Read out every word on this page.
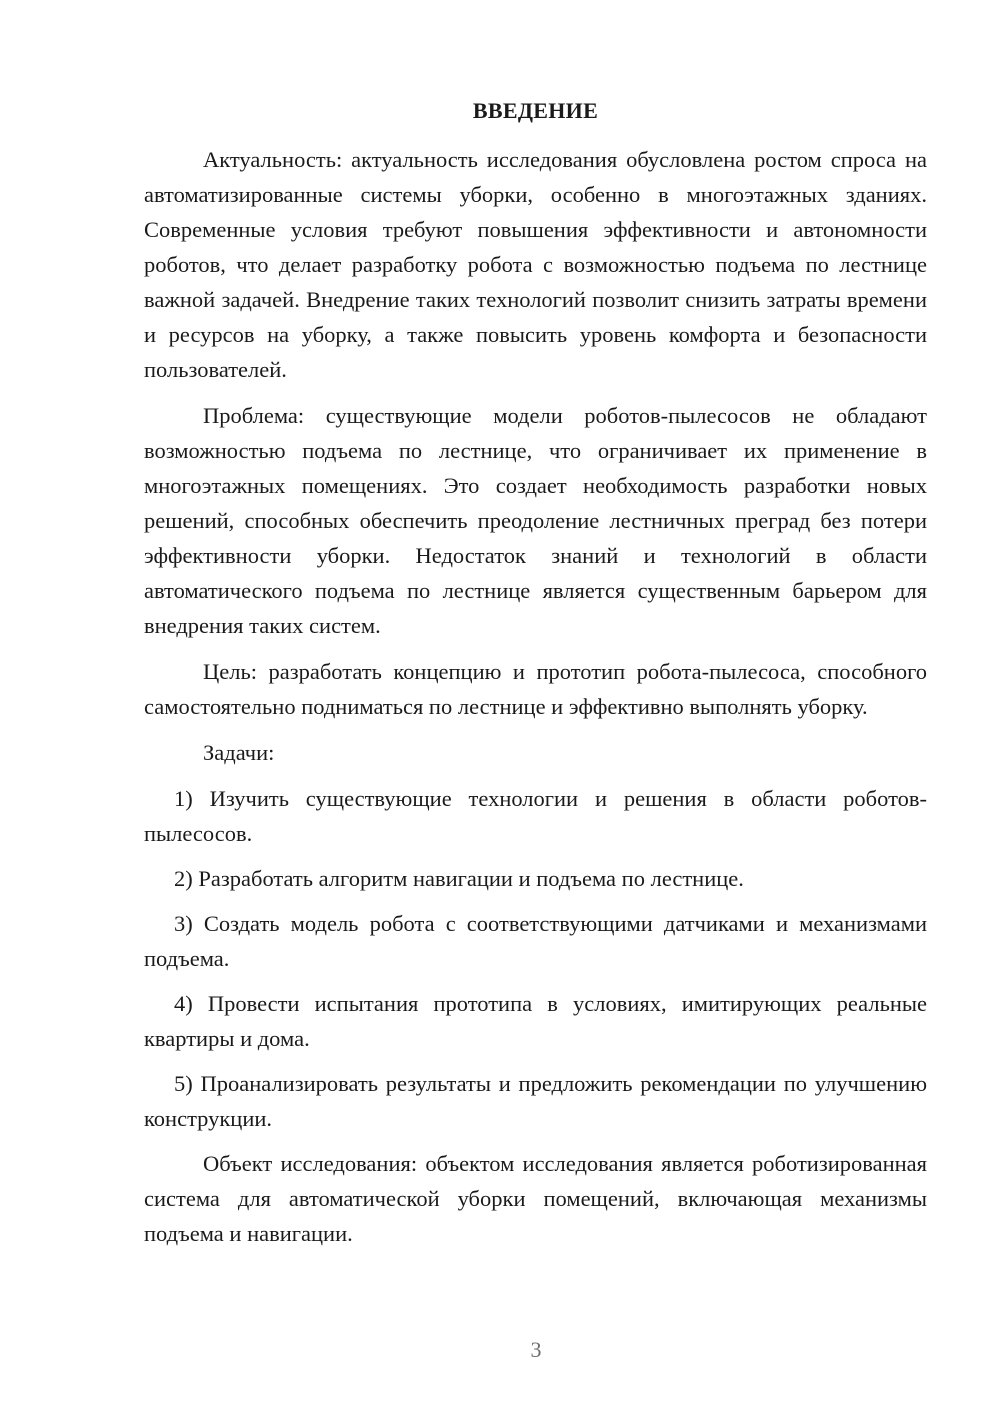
ВВЕДЕНИЕ

Актуальность: актуальность исследования обусловлена ростом спроса на автоматизированные системы уборки, особенно в многоэтажных зданиях. Современные условия требуют повышения эффективности и автономности роботов, что делает разработку робота с возможностью подъема по лестнице важной задачей. Внедрение таких технологий позволит снизить затраты времени и ресурсов на уборку, а также повысить уровень комфорта и безопасности пользователей.

Проблема: существующие модели роботов-пылесосов не обладают возможностью подъема по лестнице, что ограничивает их применение в многоэтажных помещениях. Это создает необходимость разработки новых решений, способных обеспечить преодоление лестничных преград без потери эффективности уборки. Недостаток знаний и технологий в области автоматического подъема по лестнице является существенным барьером для внедрения таких систем.

Цель: разработать концепцию и прототип робота-пылесоса, способного самостоятельно подниматься по лестнице и эффективно выполнять уборку.

Задачи:

1) Изучить существующие технологии и решения в области роботов-пылесосов.

2) Разработать алгоритм навигации и подъема по лестнице.

3) Создать модель робота с соответствующими датчиками и механизмами подъема.

4) Провести испытания прототипа в условиях, имитирующих реальные квартиры и дома.

5) Проанализировать результаты и предложить рекомендации по улучшению конструкции.

Объект исследования: объектом исследования является роботизированная система для автоматической уборки помещений, включающая механизмы подъема и навигации.

3
